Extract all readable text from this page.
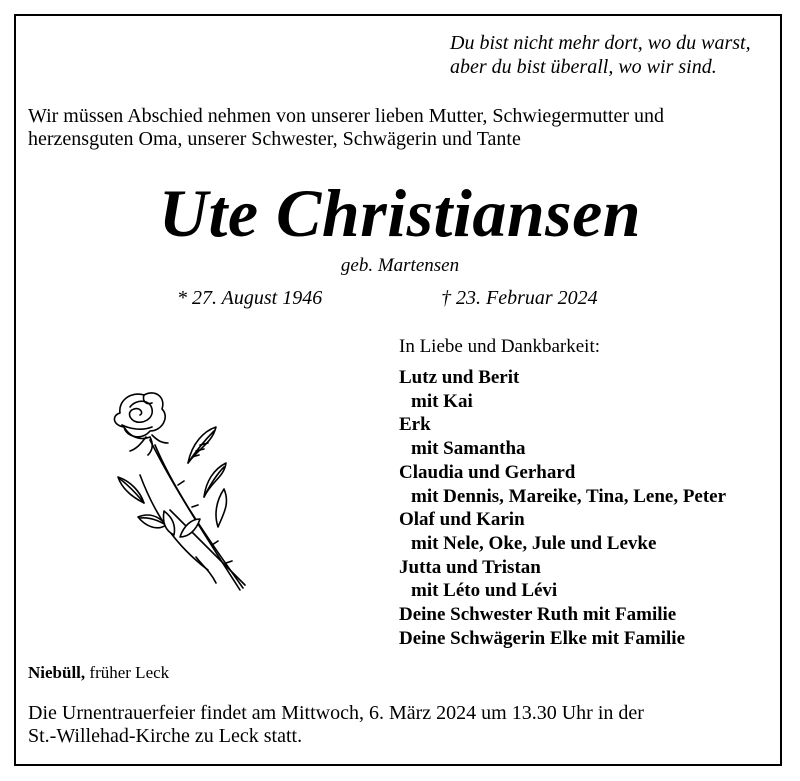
Du bist nicht mehr dort, wo du warst,
aber du bist überall, wo wir sind.
Wir müssen Abschied nehmen von unserer lieben Mutter, Schwiegermutter und
herzensguten Oma, unserer Schwester, Schwägerin und Tante
Ute Christiansen
geb. Martensen
* 27. August 1946	† 23. Februar 2024
In Liebe und Dankbarkeit:
Lutz und Berit
mit Kai
Erk
mit Samantha
Claudia und Gerhard
mit Dennis, Mareike, Tina, Lene, Peter
Olaf und Karin
mit Nele, Oke, Jule und Levke
Jutta und Tristan
mit Léto und Lévi
Deine Schwester Ruth mit Familie
Deine Schwägerin Elke mit Familie
Niebüll, früher Leck
Die Urnentrauerfeier findet am Mittwoch, 6. März 2024 um 13.30 Uhr in der
St.-Willehad-Kirche zu Leck statt.
